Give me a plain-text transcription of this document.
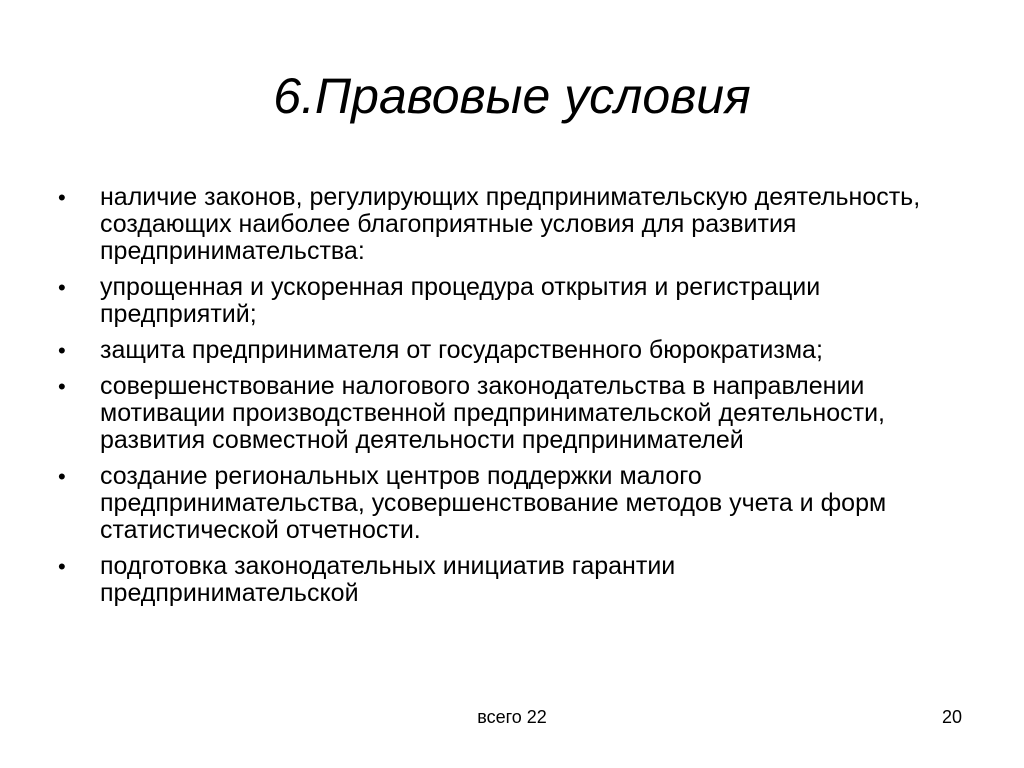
6.Правовые условия
• наличие законов, регулирующих предпринимательскую деятельность, создающих наиболее благоприятные условия для развития предпринимательства:
• упрощенная и ускоренная процедура открытия и регистрации предприятий;
• защита предпринимателя от государственного бюрократизма;
• совершенствование налогового законодательства в направлении мотивации производственной предпринимательской деятельности, развития совместной деятельности предпринимателей
• создание региональных центров поддержки малого предпринимательства, усовершенствование методов учета и форм статистической отчетности.
• подготовка законодательных инициатив гарантии предпринимательской
всего 22	20
